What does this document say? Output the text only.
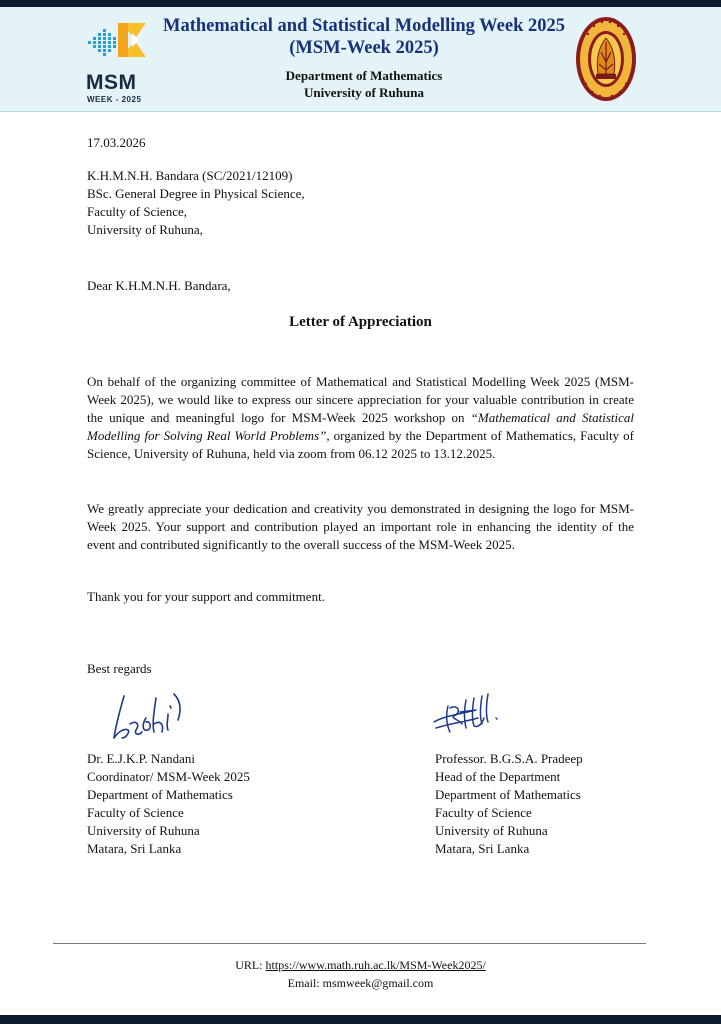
MSM
WEEK - 2025
Mathematical and Statistical Modelling Week 2025
(MSM-Week 2025)
Department of Mathematics
University of Ruhuna
17.03.2026
K.H.M.N.H. Bandara (SC/2021/12109)
BSc. General Degree in Physical Science,
Faculty of Science,
University of Ruhuna,
Dear K.H.M.N.H. Bandara,
Letter of Appreciation
On behalf of the organizing committee of Mathematical and Statistical Modelling Week 2025 (MSM-Week 2025), we would like to express our sincere appreciation for your valuable contribution in create the unique and meaningful logo for MSM-Week 2025 workshop on “Mathematical and Statistical Modelling for Solving Real World Problems”, organized by the Department of Mathematics, Faculty of Science, University of Ruhuna, held via zoom from 06.12 2025 to 13.12.2025.
We greatly appreciate your dedication and creativity you demonstrated in designing the logo for MSM-Week 2025. Your support and contribution played an important role in enhancing the identity of the event and contributed significantly to the overall success of the MSM-Week 2025.
Thank you for your support and commitment.
Best regards
Dr. E.J.K.P. Nandani
Coordinator/ MSM-Week 2025
Department of Mathematics
Faculty of Science
University of Ruhuna
Matara, Sri Lanka
Professor. B.G.S.A. Pradeep
Head of the Department
Department of Mathematics
Faculty of Science
University of Ruhuna
Matara, Sri Lanka
URL: https://www.math.ruh.ac.lk/MSM-Week2025/
Email: msmweek@gmail.com
